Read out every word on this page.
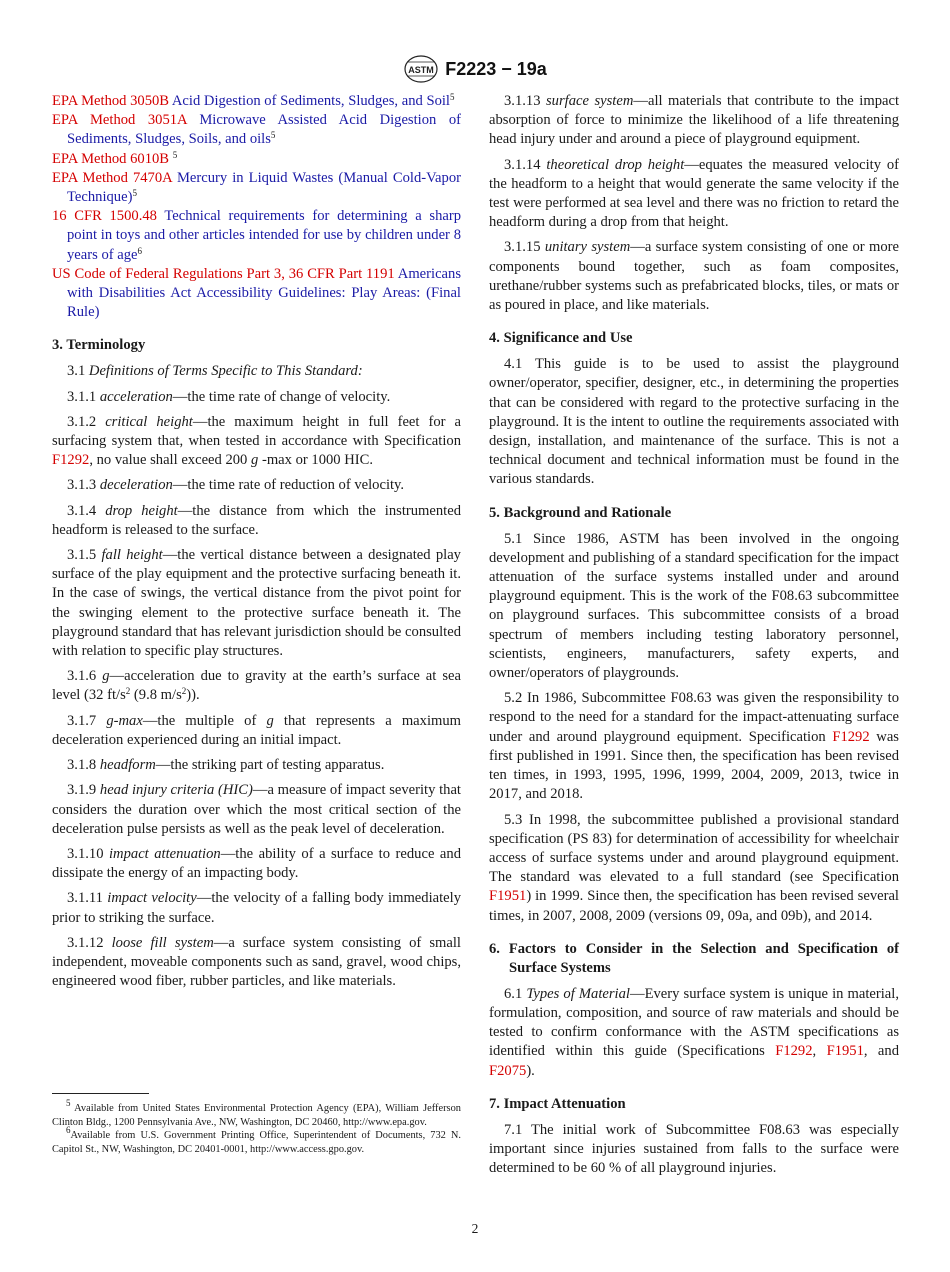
ASTM F2223 − 19a
EPA Method 3050B Acid Digestion of Sediments, Sludges, and Soil$^5$
EPA Method 3051A Microwave Assisted Acid Digestion of Sediments, Sludges, Soils, and oils$^5$
EPA Method 6010B $^5$
EPA Method 7470A Mercury in Liquid Wastes (Manual Cold-Vapor Technique)$^5$
16 CFR 1500.48 Technical requirements for determining a sharp point in toys and other articles intended for use by children under 8 years of age$^6$
US Code of Federal Regulations Part 3, 36 CFR Part 1191 Americans with Disabilities Act Accessibility Guidelines: Play Areas: (Final Rule)
3. Terminology

3.1 Definitions of Terms Specific to This Standard:

3.1.1 acceleration—the time rate of change of velocity.

3.1.2 critical height—the maximum height in full feet for a surfacing system that, when tested in accordance with Specification F1292, no value shall exceed 200 g -max or 1000 HIC.

3.1.3 deceleration—the time rate of reduction of velocity.

3.1.4 drop height—the distance from which the instrumented headform is released to the surface.

3.1.5 fall height—the vertical distance between a designated play surface of the play equipment and the protective surfacing beneath it. In the case of swings, the vertical distance from the pivot point for the swinging element to the protective surface beneath it. The playground standard that has relevant jurisdiction should be consulted with relation to specific play structures.

3.1.6 g—acceleration due to gravity at the earth’s surface at sea level (32 $ft/s^2$ (9.8 $m/s^2$)).

3.1.7 g-max—the multiple of g that represents a maximum deceleration experienced during an initial impact.

3.1.8 headform—the striking part of testing apparatus.

3.1.9 head injury criteria (HIC)—a measure of impact severity that considers the duration over which the most critical section of the deceleration pulse persists as well as the peak level of deceleration.

3.1.10 impact attenuation—the ability of a surface to reduce and dissipate the energy of an impacting body.

3.1.11 impact velocity—the velocity of a falling body immediately prior to striking the surface.

3.1.12 loose fill system—a surface system consisting of small independent, moveable components such as sand, gravel, wood chips, engineered wood fiber, rubber particles, and like materials.

$^5$ Available from United States Environmental Protection Agency (EPA), William Jefferson Clinton Bldg., 1200 Pennsylvania Ave., NW, Washington, DC 20460, http://www.epa.gov.

$^6$Available from U.S. Government Printing Office, Superintendent of Documents, 732 N. Capitol St., NW, Washington, DC 20401-0001, http://www.access.gpo.gov.

3.1.13 surface system—all materials that contribute to the impact absorption of force to minimize the likelihood of a life threatening head injury under and around a piece of playground equipment.

3.1.14 theoretical drop height—equates the measured velocity of the headform to a height that would generate the same velocity if the test were performed at sea level and there was no friction to retard the headform during a drop from that height.

3.1.15 unitary system—a surface system consisting of one or more components bound together, such as foam composites, urethane/rubber systems such as prefabricated blocks, tiles, or mats or as poured in place, and like materials.

4. Significance and Use

4.1 This guide is to be used to assist the playground owner/operator, specifier, designer, etc., in determining the properties that can be considered with regard to the protective surfacing in the playground. It is the intent to outline the requirements associated with design, installation, and maintenance of the surface. This is not a technical document and technical information must be found in the various standards.

5. Background and Rationale

5.1 Since 1986, ASTM has been involved in the ongoing development and publishing of a standard specification for the impact attenuation of the surface systems installed under and around playground equipment. This is the work of the F08.63 subcommittee on playground surfaces. This subcommittee consists of a broad spectrum of members including testing laboratory personnel, scientists, engineers, manufacturers, safety experts, and owner/operators of playgrounds.

5.2 In 1986, Subcommittee F08.63 was given the responsibility to respond to the need for a standard for the impact-attenuating surface under and around playground equipment. Specification F1292 was first published in 1991. Since then, the specification has been revised ten times, in 1993, 1995, 1996, 1999, 2004, 2009, 2013, twice in 2017, and 2018.

5.3 In 1998, the subcommittee published a provisional standard specification (PS 83) for determination of accessibility for wheelchair access of surface systems under and around playground equipment. The standard was elevated to a full standard (see Specification F1951) in 1999. Since then, the specification has been revised several times, in 2007, 2008, 2009 (versions 09, 09a, and 09b), and 2014.

6. Factors to Consider in the Selection and Specification of Surface Systems

6.1 Types of Material—Every surface system is unique in material, formulation, composition, and source of raw materials and should be tested to confirm conformance with the ASTM specifications as identified within this guide (Specifications F1292, F1951, and F2075).

7. Impact Attenuation

7.1 The initial work of Subcommittee F08.63 was especially important since injuries sustained from falls to the surface were determined to be 60 % of all playground injuries.

2
